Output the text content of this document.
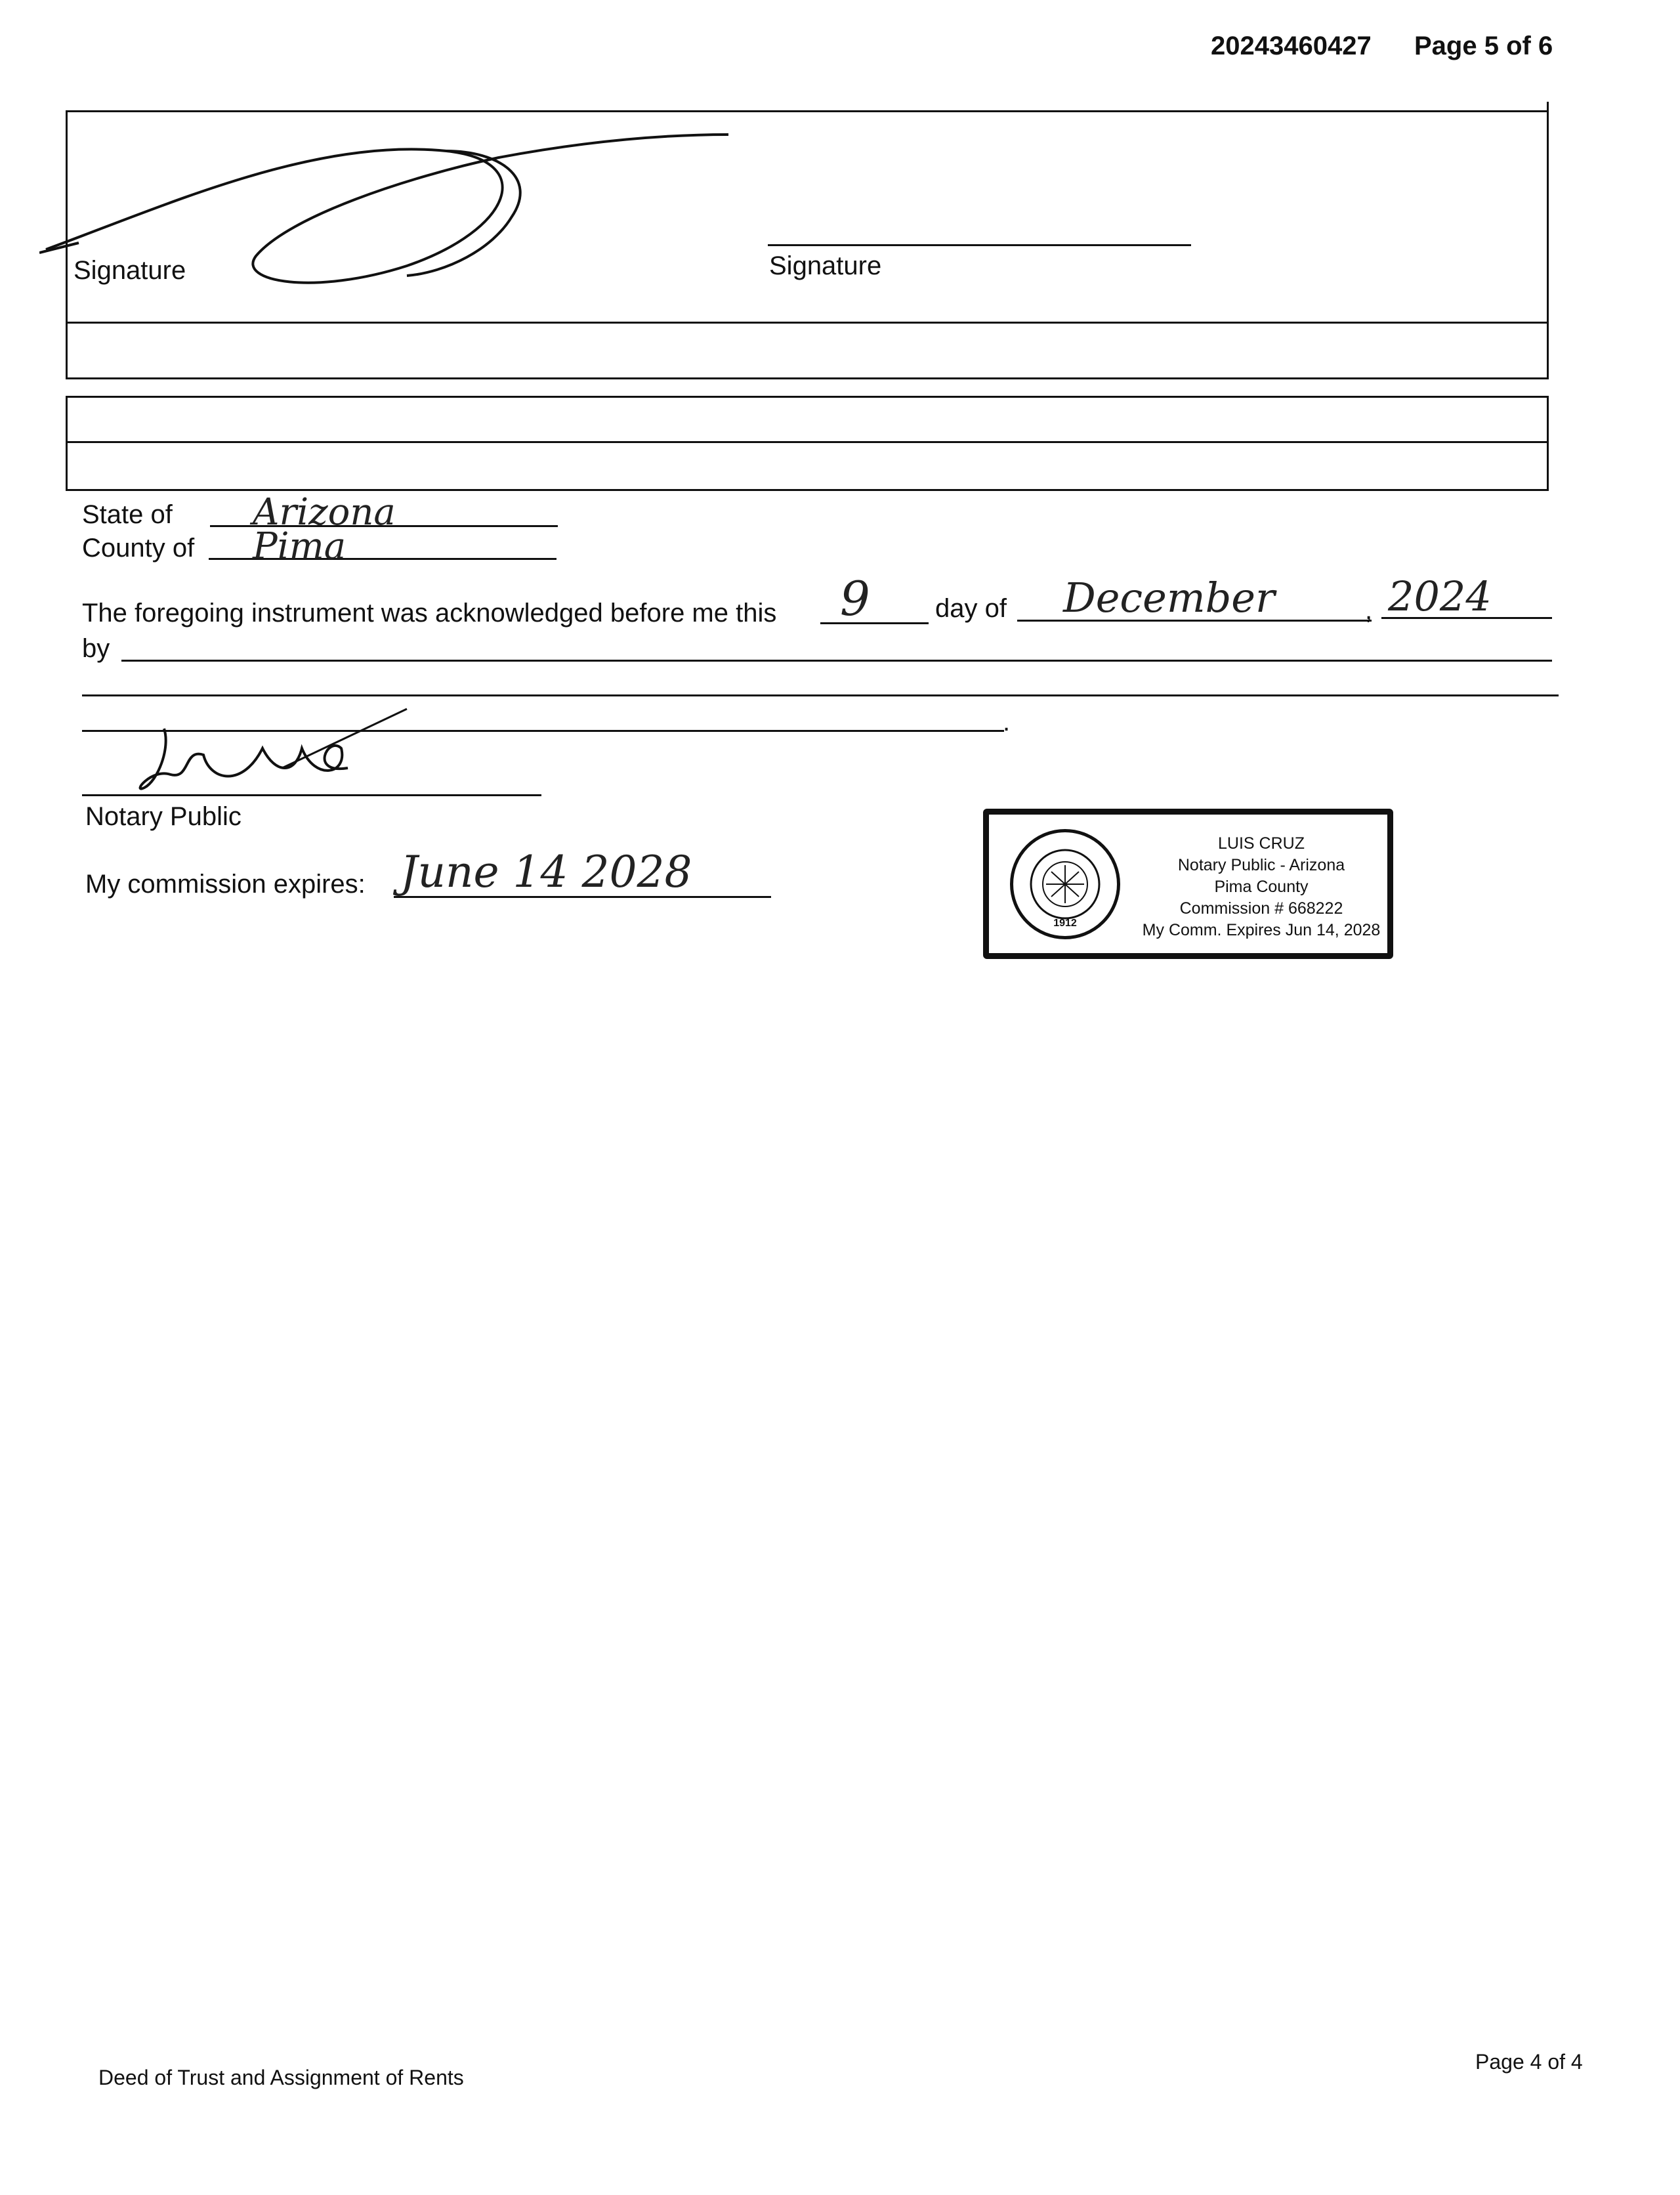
20243460427 Page 5 of 6
Signature	Signature
State of Arizona
County of Pima
The foregoing instrument was acknowledged before me this 9 day of December	, 2024
by
.
Notary Public
My commission expires: June 14 2028
1912
LUIS CRUZ
Notary Public - Arizona
Pima County
Commission # 668222
My Comm. Expires Jun 14, 2028
Deed of Trust and Assignment of Rents
Page 4 of 4
